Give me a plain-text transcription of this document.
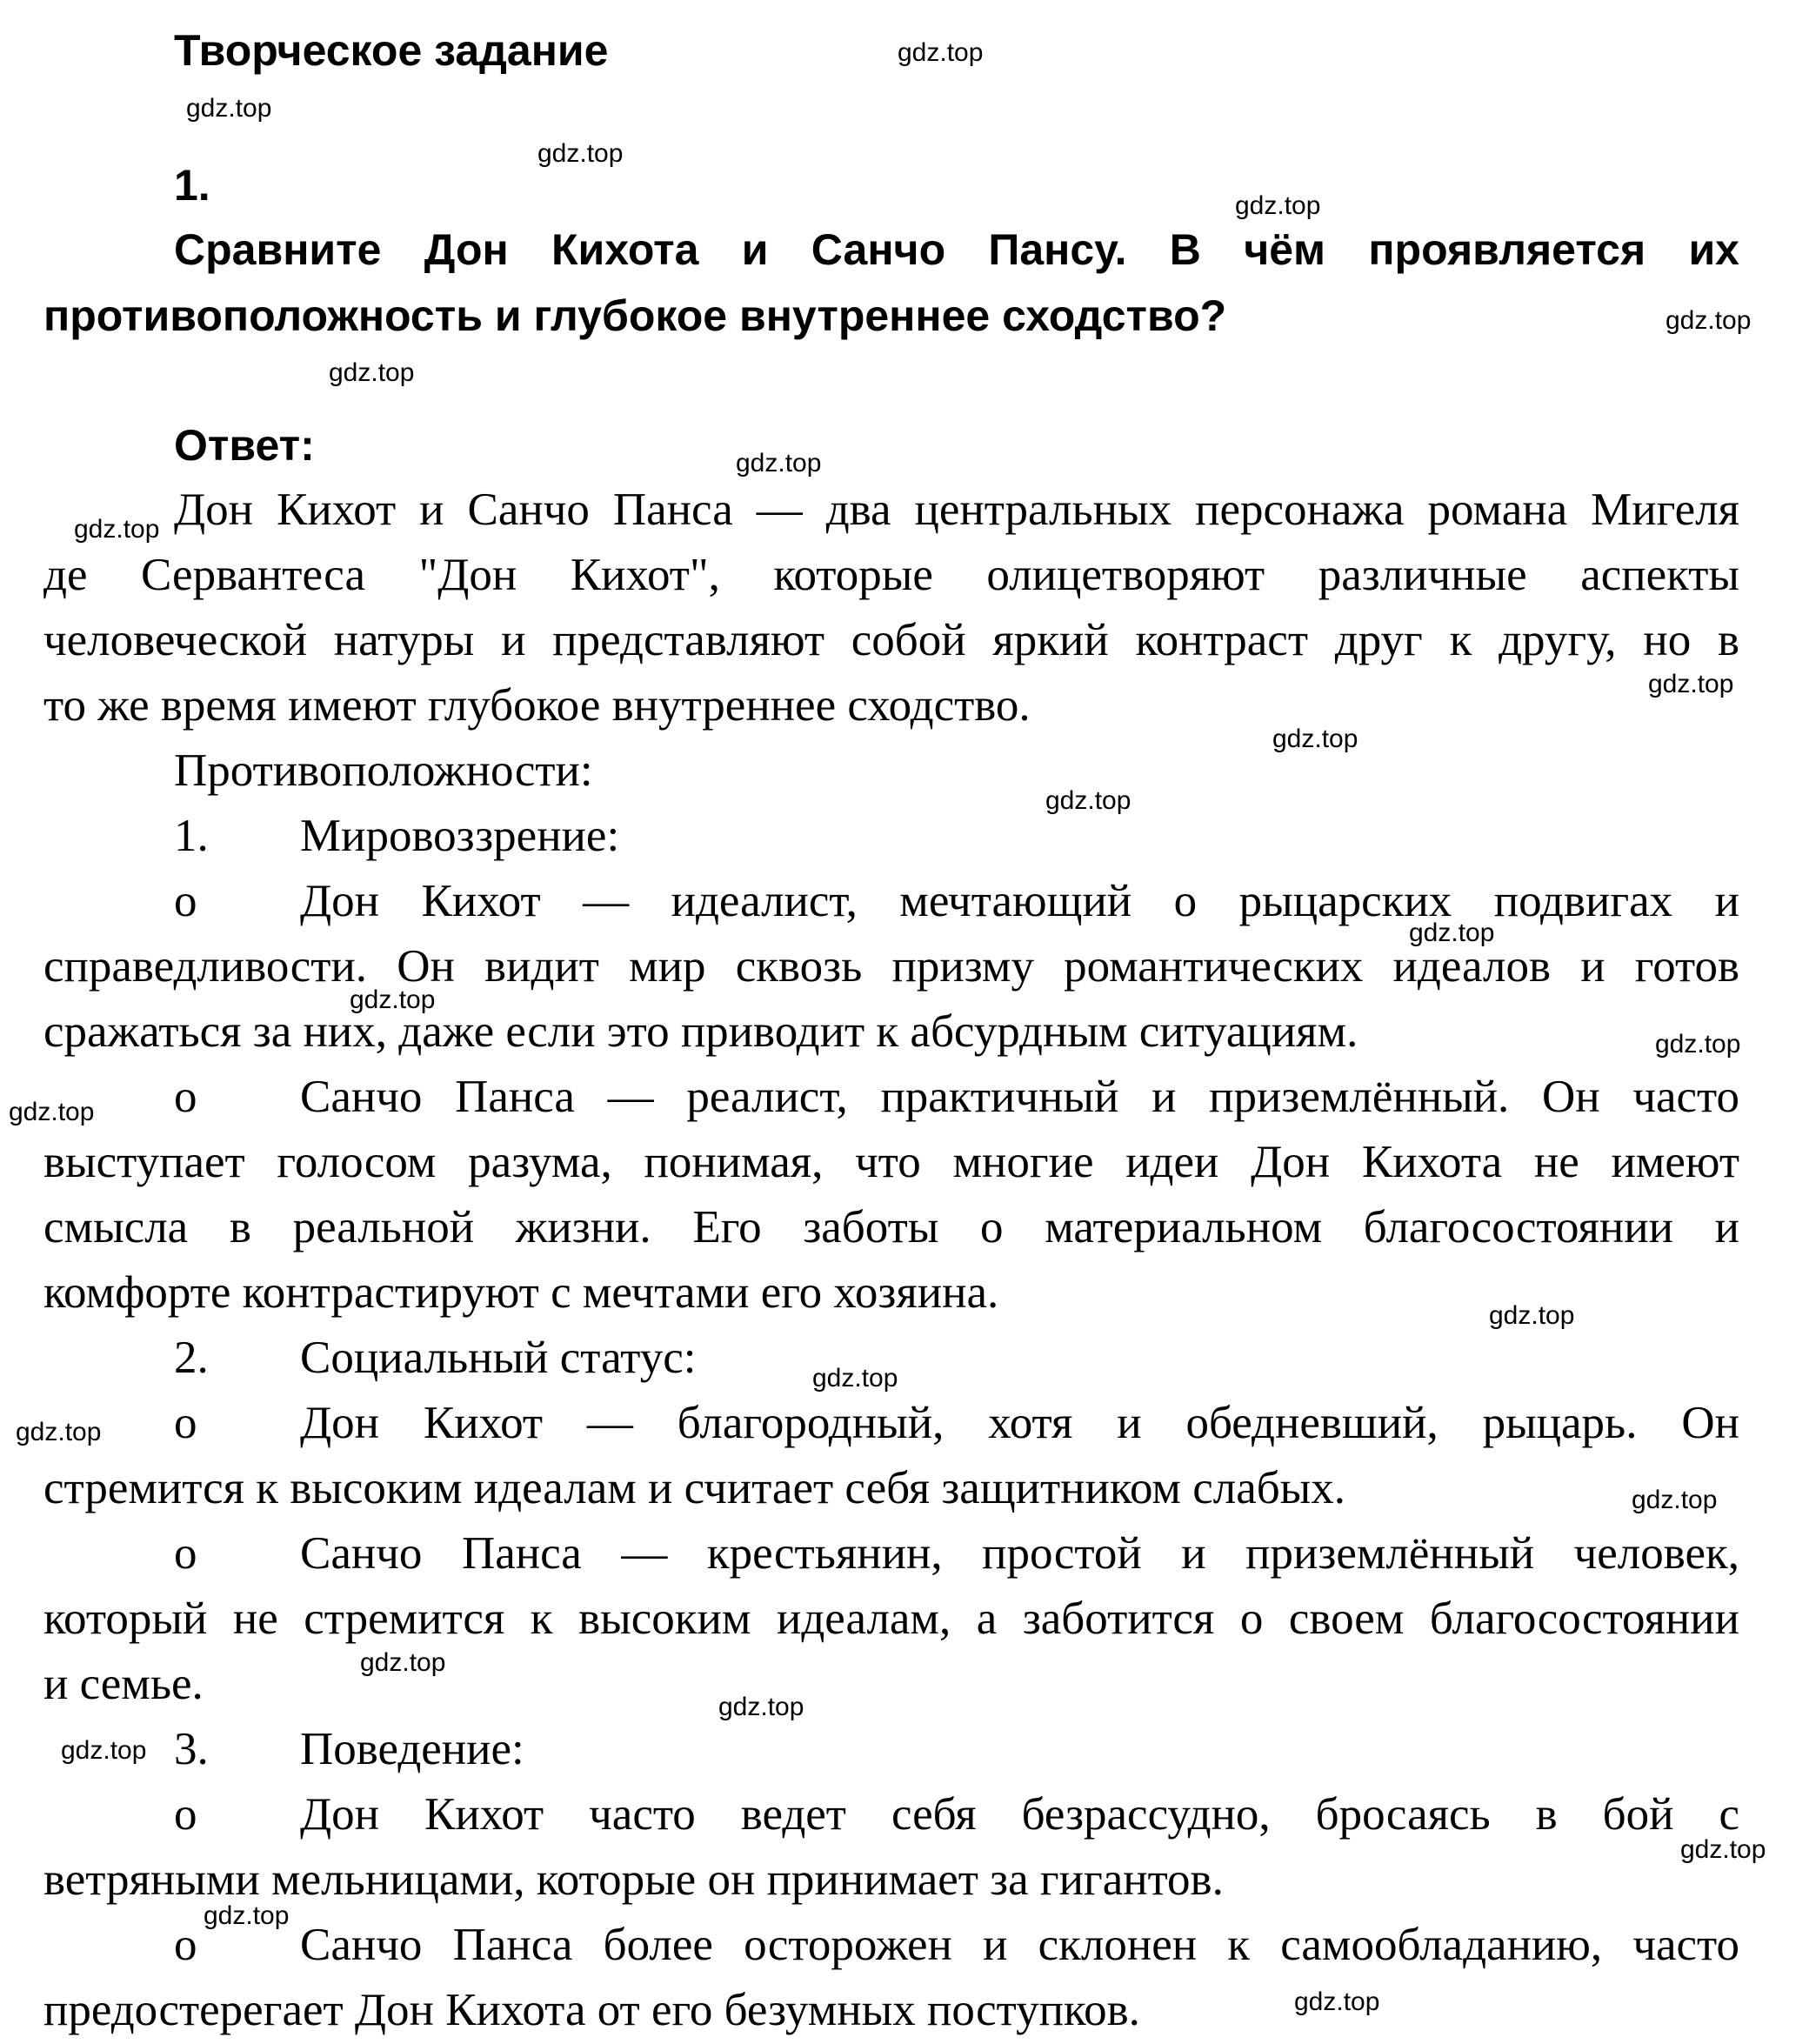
Творческое задание
1.
Сравните Дон Кихота и Санчо Пансу. В чём проявляется их
противоположность и глубокое внутреннее сходство?
Ответ:
Дон Кихот и Санчо Панса — два центральных персонажа романа Мигеля
де Сервантеса "Дон Кихот", которые олицетворяют различные аспекты
человеческой натуры и представляют собой яркий контраст друг к другу, но в
то же время имеют глубокое внутреннее сходство.
Противоположности:
1. Мировоззрение:
o Дон Кихот — идеалист, мечтающий о рыцарских подвигах и
справедливости. Он видит мир сквозь призму романтических идеалов и готов
сражаться за них, даже если это приводит к абсурдным ситуациям.
o Санчо Панса — реалист, практичный и приземлённый. Он часто
выступает голосом разума, понимая, что многие идеи Дон Кихота не имеют
смысла в реальной жизни. Его заботы о материальном благосостоянии и
комфорте контрастируют с мечтами его хозяина.
2. Социальный статус:
o Дон Кихот — благородный, хотя и обедневший, рыцарь. Он
стремится к высоким идеалам и считает себя защитником слабых.
o Санчо Панса — крестьянин, простой и приземлённый человек,
который не стремится к высоким идеалам, а заботится о своем благосостоянии
и семье.
3. Поведение:
o Дон Кихот часто ведет себя безрассудно, бросаясь в бой с
ветряными мельницами, которые он принимает за гигантов.
o Санчо Панса более осторожен и склонен к самообладанию, часто
предостерегает Дон Кихота от его безумных поступков.
gdz.top
gdz.top
gdz.top
gdz.top
gdz.top
gdz.top
gdz.top
gdz.top
gdz.top
gdz.top
gdz.top
gdz.top
gdz.top
gdz.top
gdz.top
gdz.top
gdz.top
gdz.top
gdz.top
gdz.top
gdz.top
gdz.top
gdz.top
gdz.top
gdz.top
